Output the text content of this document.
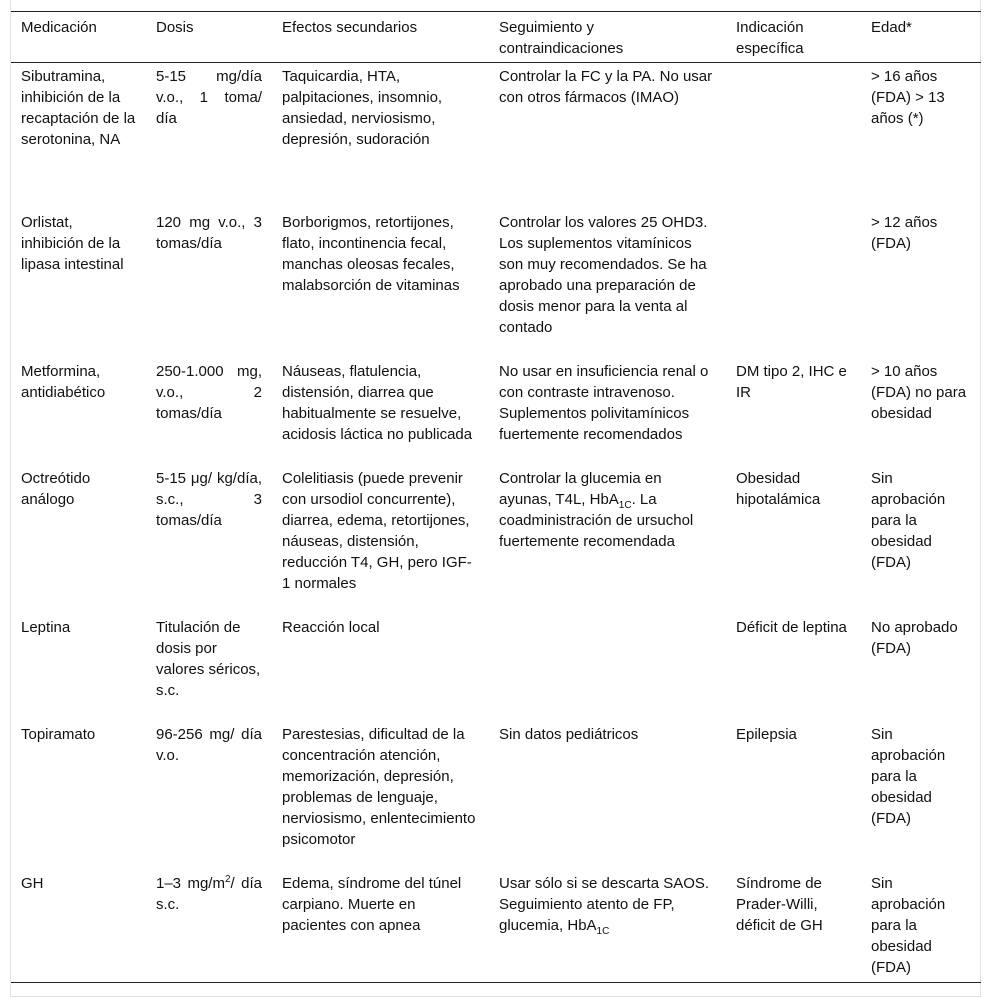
Medicación	Dosis	Efectos secundarios	Seguimiento y contraindicaciones	Indicación específica	Edad*
Sibutramina, inhibición de la recaptación de la serotonina, NA	5-15 mg/día v.o., 1 toma/ día	Taquicardia, HTA, palpitaciones, insomnio, ansiedad, nerviosismo, depresión, sudoración	Controlar la FC y la PA. No usar con otros fármacos (IMAO)		> 16 años (FDA) > 13 años (*)
Orlistat, inhibición de la lipasa intestinal	120 mg v.o., 3 tomas/día	Borborigmos, retortijones, flato, incontinencia fecal, manchas oleosas fecales, malabsorción de vitaminas	Controlar los valores 25 OHD3. Los suplementos vitamínicos son muy recomendados. Se ha aprobado una preparación de dosis menor para la venta al contado		> 12 años (FDA)
Metformina, antidiabético	250-1.000 mg, v.o., 2 tomas/día	Náuseas, flatulencia, distensión, diarrea que habitualmente se resuelve, acidosis láctica no publicada	No usar en insuficiencia renal o con contraste intravenoso. Suplementos polivitamínicos fuertemente recomendados	DM tipo 2, IHC e IR	> 10 años (FDA) no para obesidad
Octreótido análogo	5-15 μg/ kg/día, s.c., 3 tomas/día	Colelitiasis (puede prevenir con ursodiol concurrente), diarrea, edema, retortijones, náuseas, distensión, reducción T4, GH, pero IGF-1 normales	Controlar la glucemia en ayunas, T4L, HbA$_{1C}$. La coadministración de ursuchol fuertemente recomendada	Obesidad hipotalámica	Sin aprobación para la obesidad (FDA)
Leptina	Titulación de dosis por valores séricos, s.c.	Reacción local		Déficit de leptina	No aprobado (FDA)
Topiramato	96-256 mg/ día v.o.	Parestesias, dificultad de la concentración atención, memorización, depresión, problemas de lenguaje, nerviosismo, enlentecimiento psicomotor	Sin datos pediátricos	Epilepsia	Sin aprobación para la obesidad (FDA)
GH	1–3 $mg/m^2/$ día s.c.	Edema, síndrome del túnel carpiano. Muerte en pacientes con apnea	Usar sólo si se descarta SAOS. Seguimiento atento de FP, glucemia, HbA$_{1C}$	Síndrome de Prader-Willi, déficit de GH	Sin aprobación para la obesidad (FDA)
